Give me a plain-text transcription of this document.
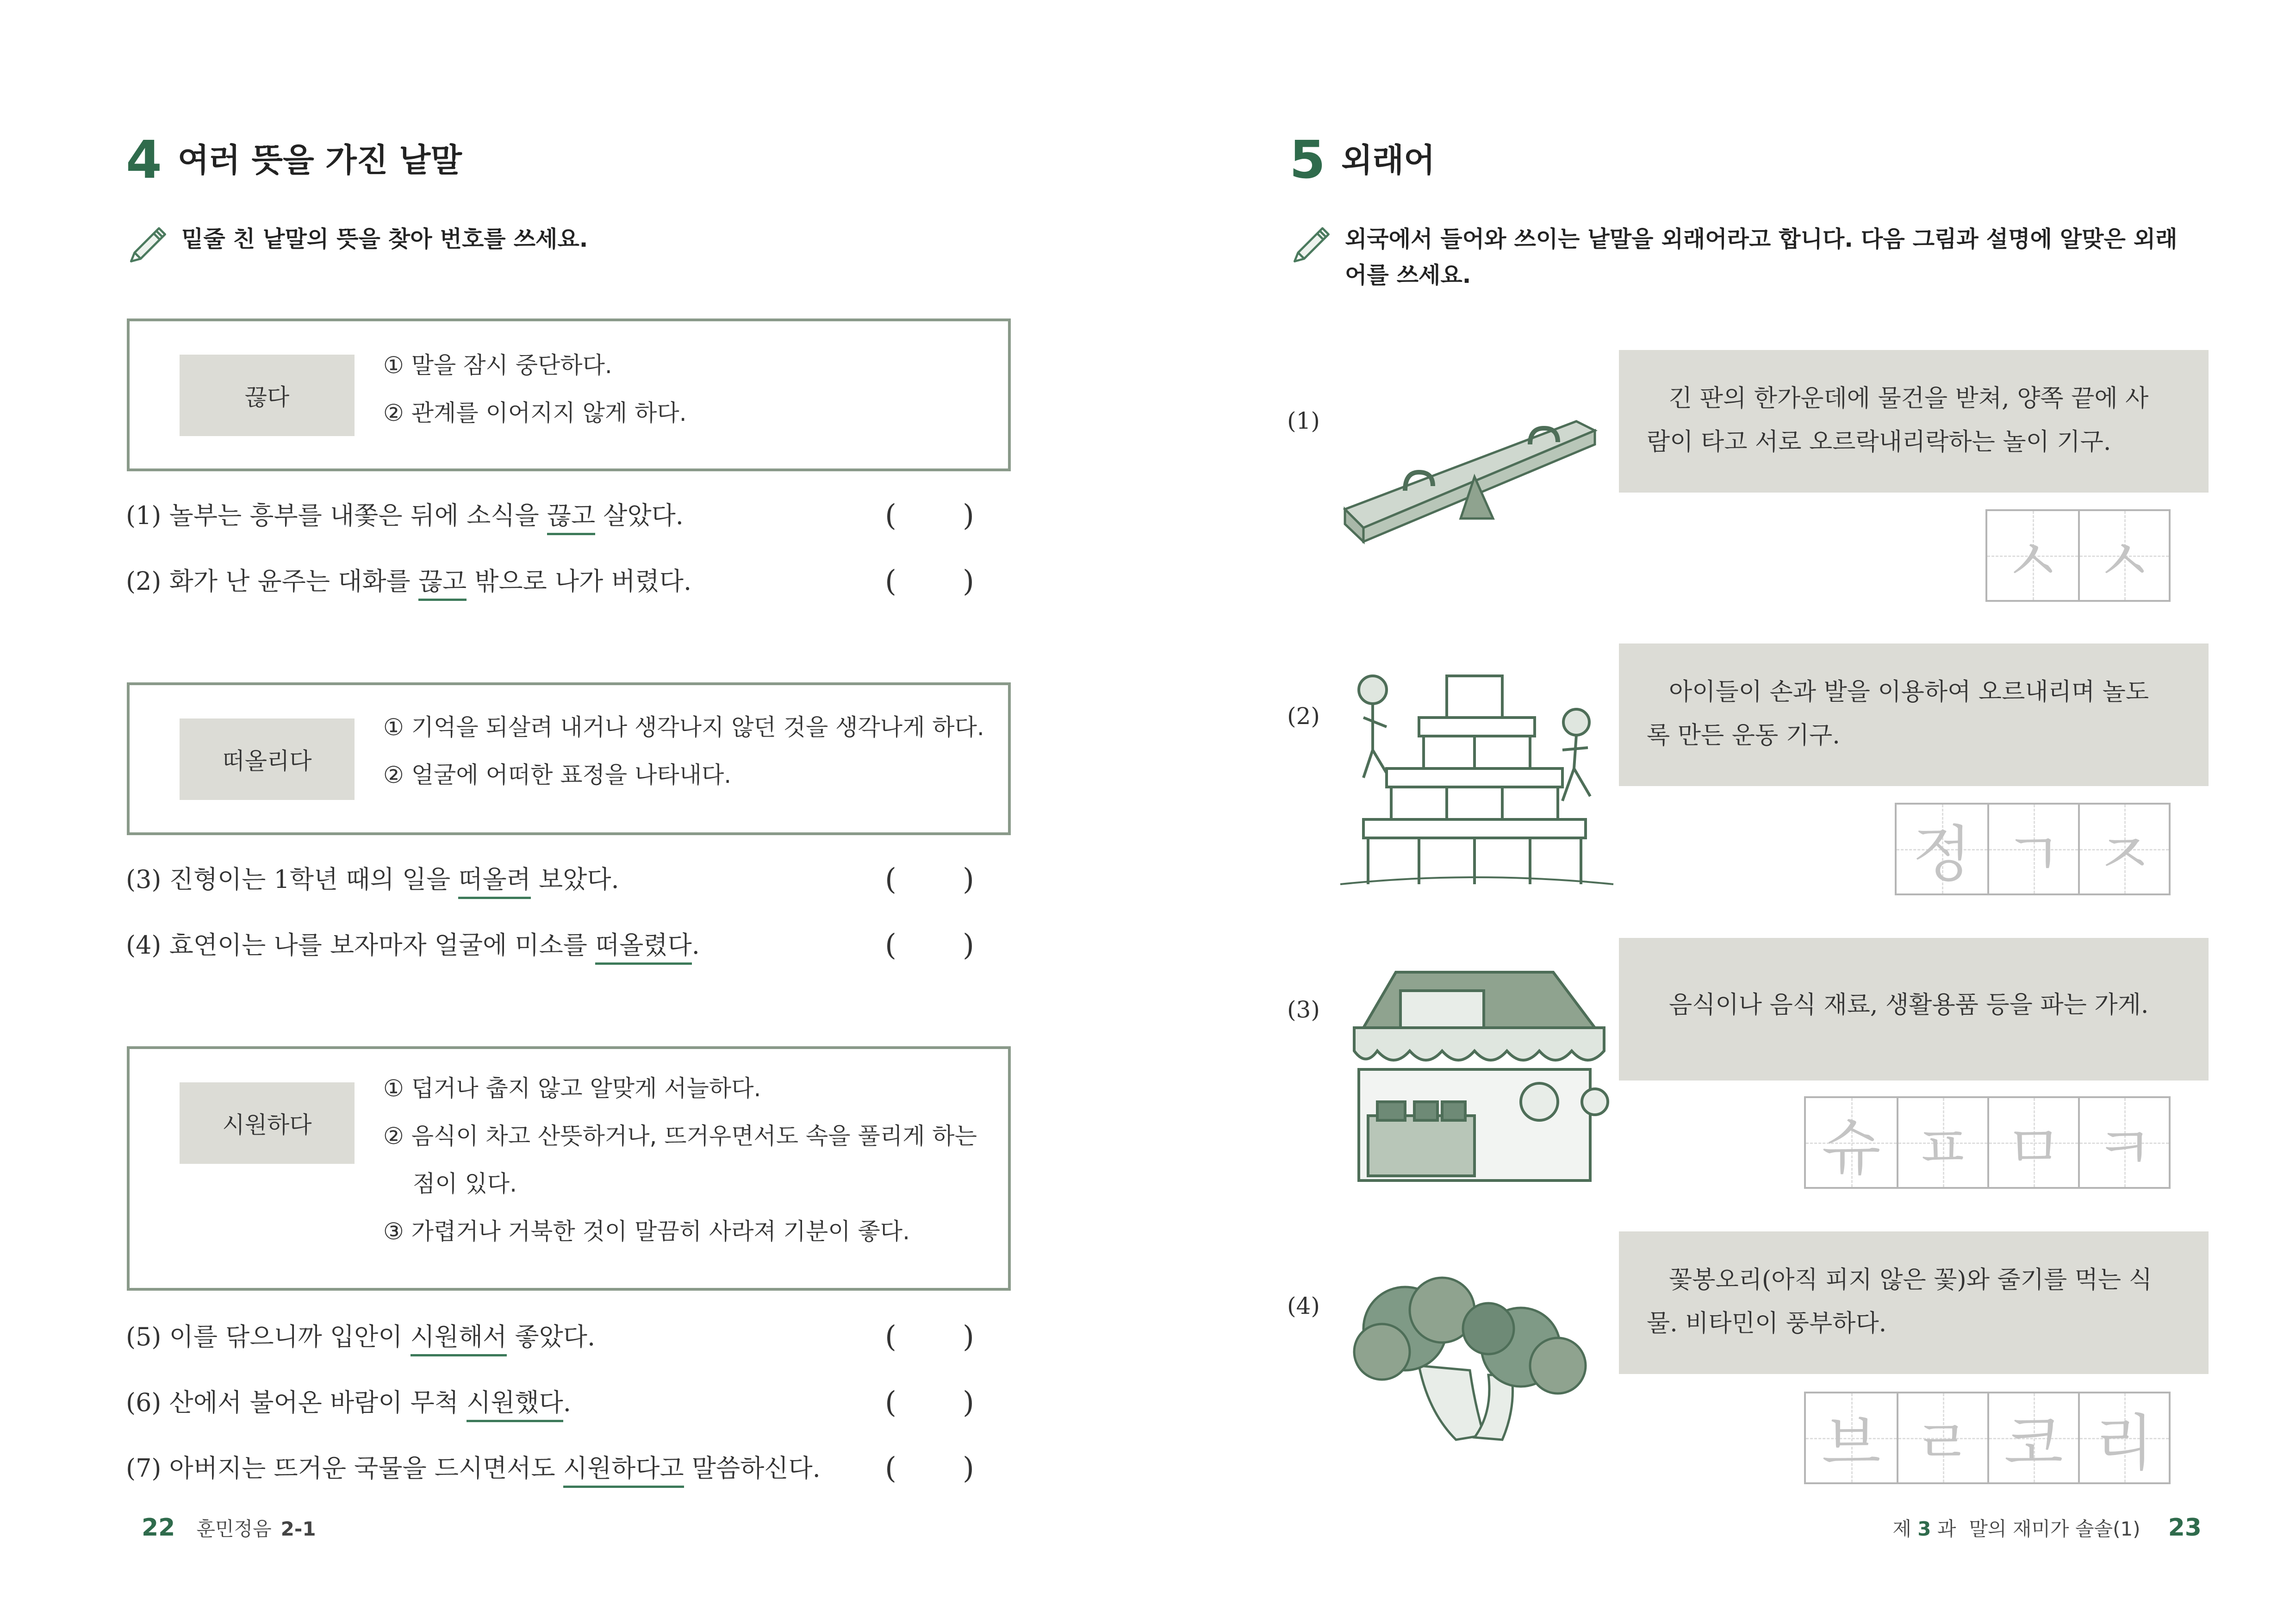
4 여러 뜻을 가진 낱말
밑줄 친 낱말의 뜻을 찾아 번호를 쓰세요.
끊다
① 말을 잠시 중단하다.
② 관계를 이어지지 않게 하다.
(1) 놀부는 흥부를 내쫓은 뒤에 소식을 끊고 살았다.	( )
(2) 화가 난 윤주는 대화를 끊고 밖으로 나가 버렸다.	( )
떠올리다
① 기억을 되살려 내거나 생각나지 않던 것을 생각나게 하다.
② 얼굴에 어떠한 표정을 나타내다.
(3) 진형이는 1학년 때의 일을 떠올려 보았다.	( )
(4) 효연이는 나를 보자마자 얼굴에 미소를 떠올렸다.	( )
시원하다
① 덥거나 춥지 않고 알맞게 서늘하다.
② 음식이 차고 산뜻하거나, 뜨거우면서도 속을 풀리게 하는
점이 있다.
③ 가렵거나 거북한 것이 말끔히 사라져 기분이 좋다.
(5) 이를 닦으니까 입안이 시원해서 좋았다.	( )
(6) 산에서 불어온 바람이 무척 시원했다.	( )
(7) 아버지는 뜨거운 국물을 드시면서도 시원하다고 말씀하신다. ( )
22 훈민정음 2-1
5 외래어
외국에서 들어와 쓰이는 낱말을 외래어라고 합니다. 다음 그림과 설명에 알맞은 외래
어를 쓰세요.
(1)
긴 판의 한가운데에 물건을 받쳐, 양쪽 끝에 사
람이 타고 서로 오르락내리락하는 놀이 기구.
ㅅ ㅅ
(2)
아이들이 손과 발을 이용하여 오르내리며 놀도
록 만든 운동 기구.
정 ㄱ ㅈ
(3)	음식이나 음식 재료, 생활용품 등을 파는 가게.
슈 ㅍ ㅁ ㅋ
(4)
꽃봉오리(아직 피지 않은 꽃)와 줄기를 먹는 식
물. 비타민이 풍부하다.
브 ㄹ 코 리
제 3 과 말의 재미가 솔솔(1) 23
